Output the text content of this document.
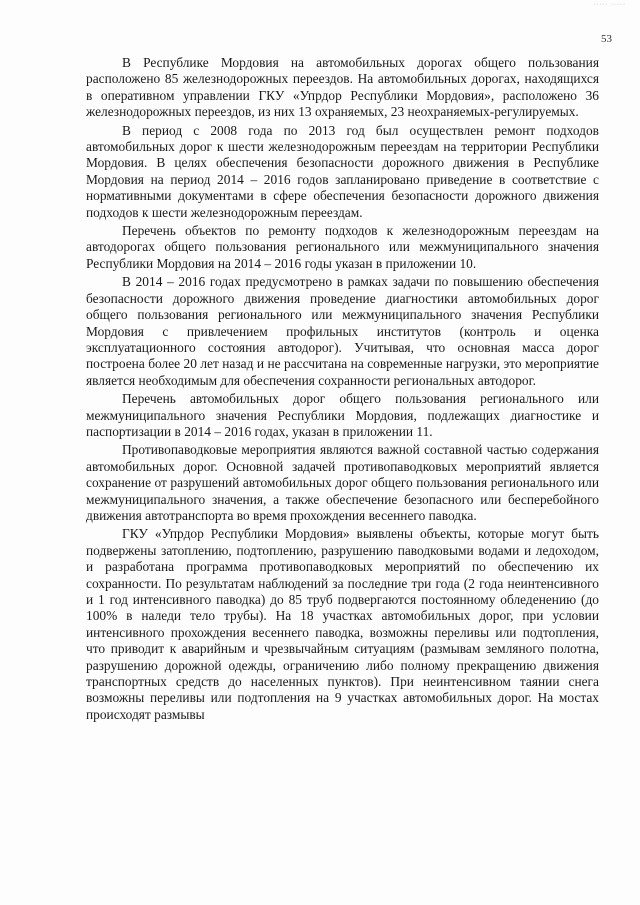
····· ·····
53

В Республике Мордовия на автомобильных дорогах общего пользования расположено 85 железнодорожных переездов. На автомобильных дорогах, находящихся в оперативном управлении ГКУ «Упрдор Республики Мордовия», расположено 36 железнодорожных переездов, из них 13 охраняемых, 23 неохраняемых-регулируемых.

В период с 2008 года по 2013 год был осуществлен ремонт подходов автомобильных дорог к шести железнодорожным переездам на территории Республики Мордовия. В целях обеспечения безопасности дорожного движения в Республике Мордовия на период 2014 – 2016 годов запланировано приведение в соответствие с нормативными документами в сфере обеспечения безопасности дорожного движения подходов к шести железнодорожным переездам.

Перечень объектов по ремонту подходов к железнодорожным переездам на автодорогах общего пользования регионального или межмуниципального значения Республики Мордовия на 2014 – 2016 годы указан в приложении 10.

В 2014 – 2016 годах предусмотрено в рамках задачи по повышению обеспечения безопасности дорожного движения проведение диагностики автомобильных дорог общего пользования регионального или межмуниципального значения Республики Мордовия с привлечением профильных институтов (контроль и оценка эксплуатационного состояния автодорог). Учитывая, что основная масса дорог построена более 20 лет назад и не рассчитана на современные нагрузки, это мероприятие является необходимым для обеспечения сохранности региональных автодорог.

Перечень автомобильных дорог общего пользования регионального или межмуниципального значения Республики Мордовия, подлежащих диагностике и паспортизации в 2014 – 2016 годах, указан в приложении 11.

Противопаводковые мероприятия являются важной составной частью содержания автомобильных дорог. Основной задачей противопаводковых мероприятий является сохранение от разрушений автомобильных дорог общего пользования регионального или межмуниципального значения, а также обеспечение безопасного или бесперебойного движения автотранспорта во время прохождения весеннего паводка.

ГКУ «Упрдор Республики Мордовия» выявлены объекты, которые могут быть подвержены затоплению, подтоплению, разрушению паводковыми водами и ледоходом, и разработана программа противопаводковых мероприятий по обеспечению их сохранности. По результатам наблюдений за последние три года (2 года неинтенсивного и 1 год интенсивного паводка) до 85 труб подвергаются постоянному обледенению (до 100% в наледи тело трубы). На 18 участках автомобильных дорог, при условии интенсивного прохождения весеннего паводка, возможны переливы или подтопления, что приводит к аварийным и чрезвычайным ситуациям (размывам земляного полотна, разрушению дорожной одежды, ограничению либо полному прекращению движения транспортных средств до населенных пунктов). При неинтенсивном таянии снега возможны переливы или подтопления на 9 участках автомобильных дорог. На мостах происходят размывы
